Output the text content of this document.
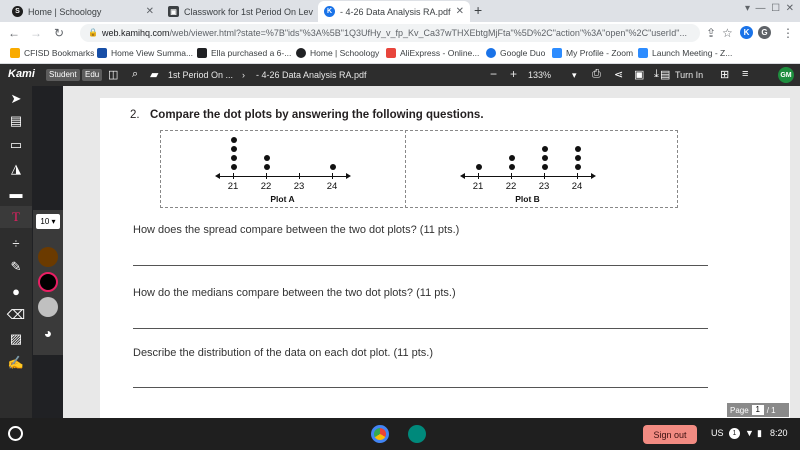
S Home | Schoology	✕	▣ Classwork for 1st Period On Lev	K - 4-26 Data Analysis RA.pdf ✕ +	▾  —  ☐  ✕
← → ↻	🔒 web.kamihq.com/web/viewer.html?state=%7B"ids"%3A%5B"1Q3UfHy_v_fp_Kv_Ca37wTHXEbtgMjFta"%5D%2C"action"%3A"open"%2C"userId"...	⇪ ☆	K	G ⋮
CFISD Bookmarks Home View Summa... Ella purchased a 6-... Home | Schoology AliExpress - Online... Google Duo My Profile - Zoom Launch Meeting - Z...
Kami	Student	Edu ◫ ⌕ ▰ 1st Period On ... › - 4-26 Data Analysis RA.pdf	− + 133% ▾ ⎙ ⋖ ▣ ⤓ ▤ Turn In ⊞ ≡	GM
➤
▤
▭
◮
▬
T
÷
✎
●
⌫
▨
✍
10 ▾
◕
2. Compare the dot plots by answering the following questions.
21 22 23 24
Plot A
21 22 23 24
Plot B
How does the spread compare between the two dot plots? (11 pts.)
How do the medians compare between the two dot plots? (11 pts.)
Describe the distribution of the data on each dot plot. (11 pts.)
Page 1 / 1
Sign out	US	1 ▼ ▮ 8:20
